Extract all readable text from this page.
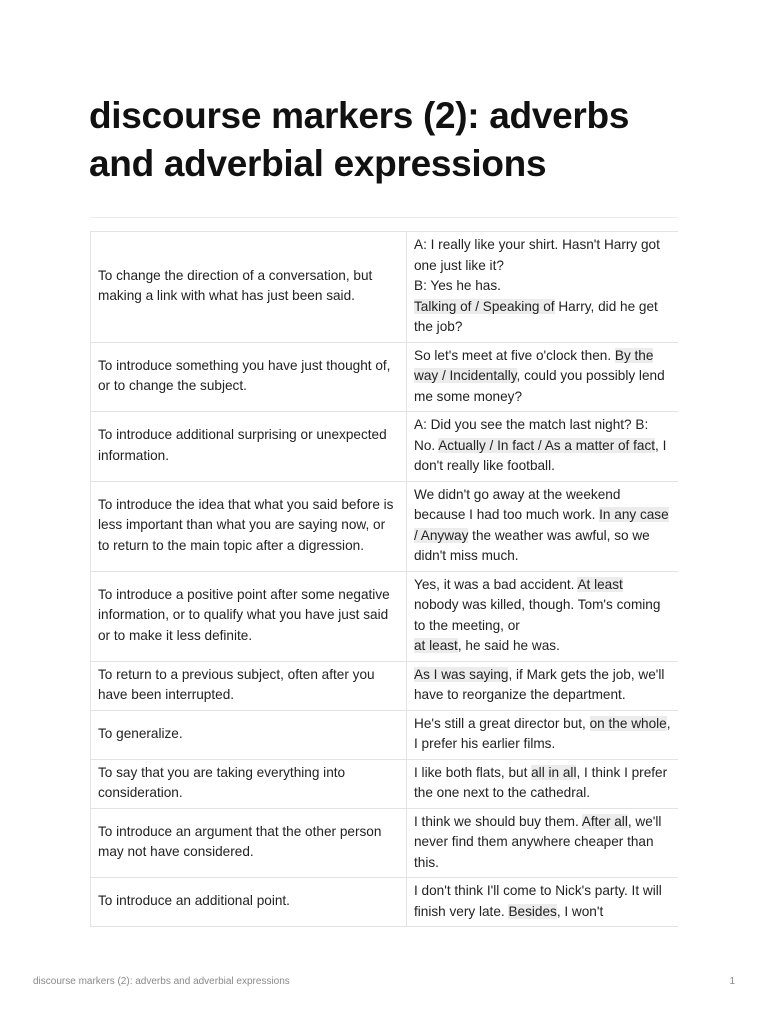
discourse markers (2): adverbs and adverbial expressions
To change the direction of a conversation, but making a link with what has just been said.	A: I really like your shirt. Hasn't Harry got one just like it?
B: Yes he has.
Talking of / Speaking of Harry, did he get the job?
To introduce something you have just thought of, or to change the subject.	So let's meet at five o'clock then. By the way / Incidentally, could you possibly lend me some money?
To introduce additional surprising or unexpected information.	A: Did you see the match last night? B: No. Actually / In fact / As a matter of fact, I don't really like football.
To introduce the idea that what you said before is less important than what you are saying now, or to return to the main topic after a digression.	We didn't go away at the weekend because I had too much work. In any case / Anyway the weather was awful, so we didn't miss much.
To introduce a positive point after some negative information, or to qualify what you have just said or to make it less definite.	Yes, it was a bad accident. At least nobody was killed, though. Tom's coming to the meeting, or
at least, he said he was.
To return to a previous subject, often after you have been interrupted.	As I was saying, if Mark gets the job, we'll have to reorganize the department.
To generalize.	He's still a great director but, on the whole, I prefer his earlier films.
To say that you are taking everything into consideration.	I like both flats, but all in all, I think I prefer the one next to the cathedral.
To introduce an argument that the other person may not have considered.	I think we should buy them. After all, we'll never find them anywhere cheaper than this.
To introduce an additional point.	I don't think I'll come to Nick's party. It will finish very late. Besides, I won't
discourse markers (2): adverbs and adverbial expressions	1
